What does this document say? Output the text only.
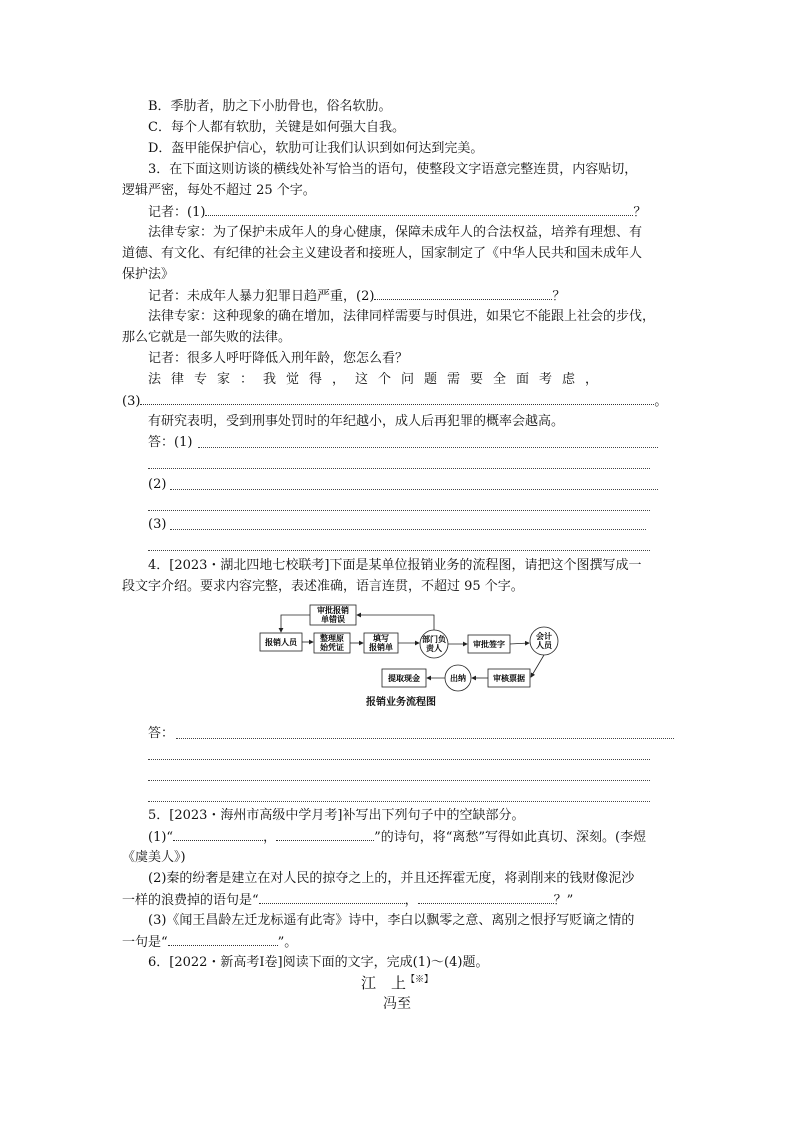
B．季肋者，肋之下小肋骨也，俗名软肋。
C．每个人都有软肋，关键是如何强大自我。
D．盔甲能保护信心，软肋可让我们认识到如何达到完美。
3．在下面这则访谈的横线处补写恰当的语句，使整段文字语意完整连贯，内容贴切，
逻辑严密，每处不超过 25 个字。
记者：(1)	？
法律专家：为了保护未成年人的身心健康，保障未成年人的合法权益，培养有理想、有
道德、有文化、有纪律的社会主义建设者和接班人，国家制定了《中华人民共和国未成年人
保护法》
记者：未成年人暴力犯罪日趋严重，(2)	？
法律专家：这种现象的确在增加，法律同样需要与时俱进，如果它不能跟上社会的步伐，
那么它就是一部失败的法律。
记者：很多人呼吁降低入刑年龄，您怎么看？
法律专家：我觉得，这个问题需要全面考虑，
(3)	。
有研究表明，受到刑事处罚时的年纪越小，成人后再犯罪的概率会越高。
答：(1)
(2)
(3)
4．[2023・湖北四地七校联考]下面是某单位报销业务的流程图，请把这个图撰写成一
段文字介绍。要求内容完整，表述准确，语言连贯，不超过 95 个字。
审批报销
单错误
报销人员	整理原
始凭证
填写
报销单
部门负
责人	审批签字
会计
人员
审核票据
出纳
提取现金
报销业务流程图
答：
5．[2023・海州市高级中学月考]补写出下列句子中的空缺部分。
(1)“	，	”的诗句，将“离愁”写得如此真切、深刻。(李煜
《虞美人》)
(2)秦的纷奢是建立在对人民的掠夺之上的，并且还挥霍无度，将剥削来的钱财像泥沙
一样的浪费掉的语句是“	，	？”
(3)《闻王昌龄左迁龙标遥有此寄》诗中，李白以飘零之意、离别之恨抒写贬谪之情的
一句是“	”。
6．[2022・新高考Ⅰ卷]阅读下面的文字，完成(1)～(4)题。
江　上【※】
冯至
